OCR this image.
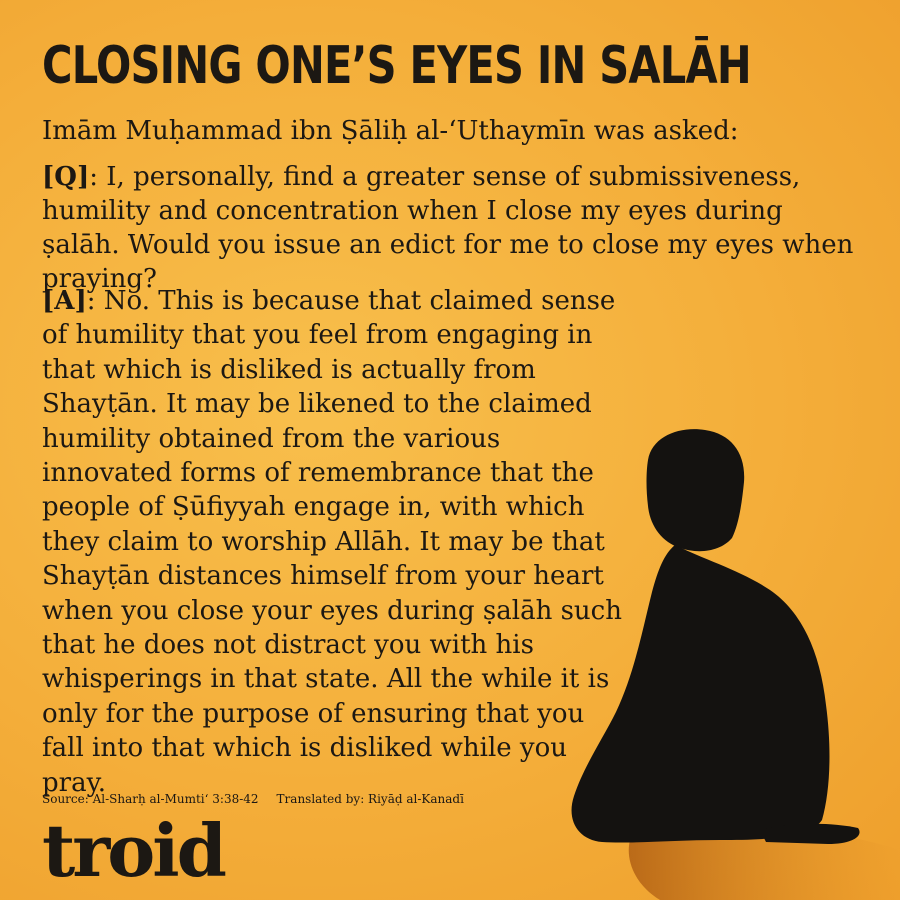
CLOSING ONE’S EYES IN SALĀH

Imām Muḥammad ibn Ṣāliḥ al-‘Uthaymīn was asked:

[Q]: I, personally, find a greater sense of submissiveness, humility and concentration when I close my eyes during ṣalāh. Would you issue an edict for me to close my eyes when praying?

[A]: No. This is because that claimed sense of humility that you feel from engaging in that which is disliked is actually from Shayṭān. It may be likened to the claimed humility obtained from the various innovated forms of remembrance that the people of Ṣūfiyyah engage in, with which they claim to worship Allāh. It may be that Shayṭān distances himself from your heart when you close your eyes during ṣalāh such that he does not distract you with his whisperings in that state. All the while it is only for the purpose of ensuring that you fall into that which is disliked while you pray.

Source: Al-Sharḥ al-Mumti‘ 3:38-42 Translated by: Riyāḍ al-Kanadī

troid
